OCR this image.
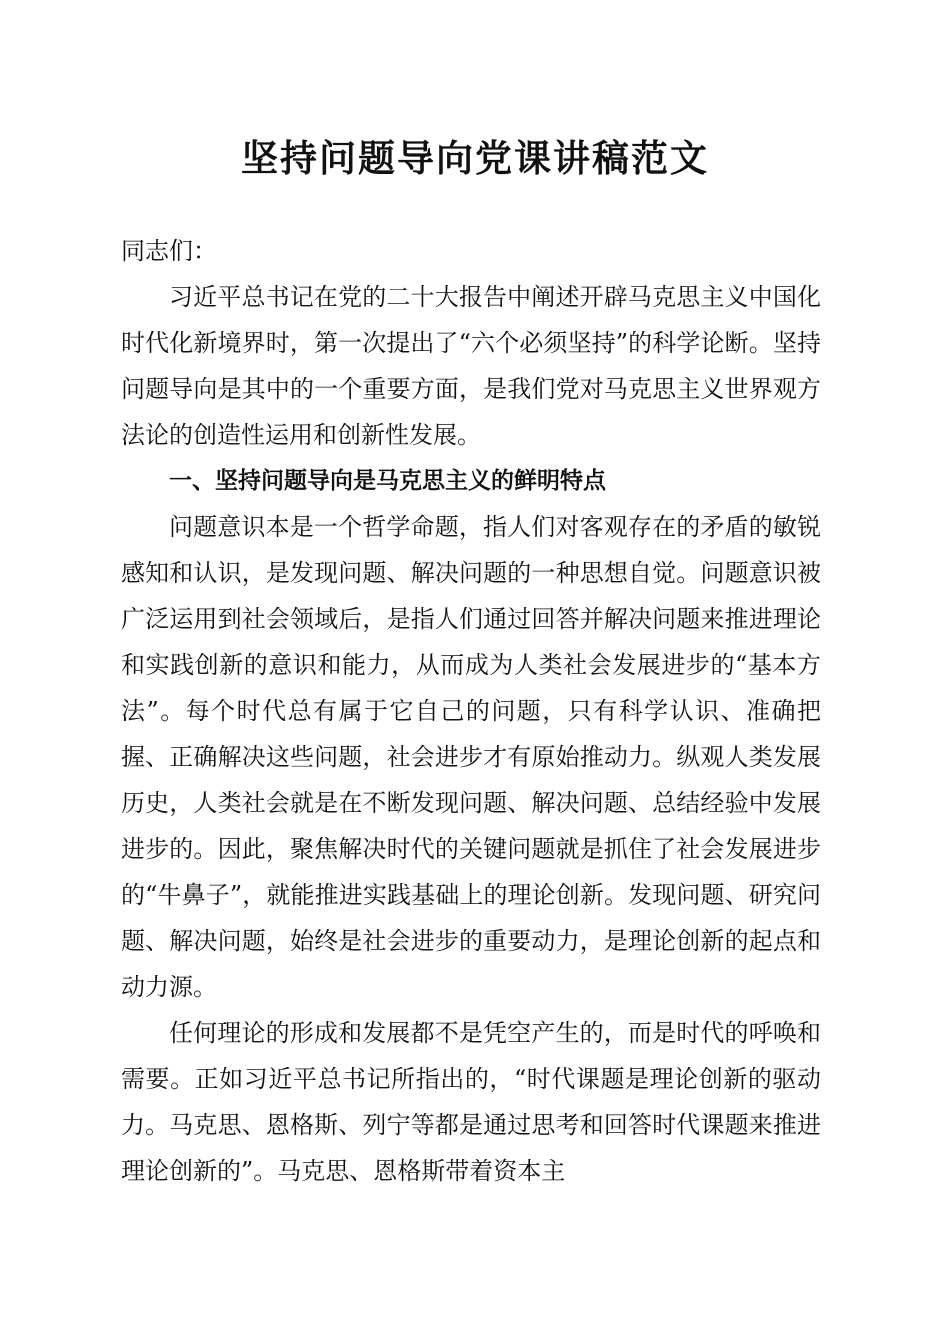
坚持问题导向党课讲稿范文

同志们：

习近平总书记在党的二十大报告中阐述开辟马克思主义中国化时代化新境界时，第一次提出了“六个必须坚持”的科学论断。坚持问题导向是其中的一个重要方面，是我们党对马克思主义世界观方法论的创造性运用和创新性发展。

一、坚持问题导向是马克思主义的鲜明特点

问题意识本是一个哲学命题，指人们对客观存在的矛盾的敏锐感知和认识，是发现问题、解决问题的一种思想自觉。问题意识被广泛运用到社会领域后，是指人们通过回答并解决问题来推进理论和实践创新的意识和能力，从而成为人类社会发展进步的“基本方法”。每个时代总有属于它自己的问题，只有科学认识、准确把握、正确解决这些问题，社会进步才有原始推动力。纵观人类发展历史，人类社会就是在不断发现问题、解决问题、总结经验中发展进步的。因此，聚焦解决时代的关键问题就是抓住了社会发展进步的“牛鼻子”，就能推进实践基础上的理论创新。发现问题、研究问题、解决问题，始终是社会进步的重要动力，是理论创新的起点和动力源。

任何理论的形成和发展都不是凭空产生的，而是时代的呼唤和需要。正如习近平总书记所指出的，“时代课题是理论创新的驱动力。马克思、恩格斯、列宁等都是通过思考和回答时代课题来推进理论创新的”。马克思、恩格斯带着资本主
